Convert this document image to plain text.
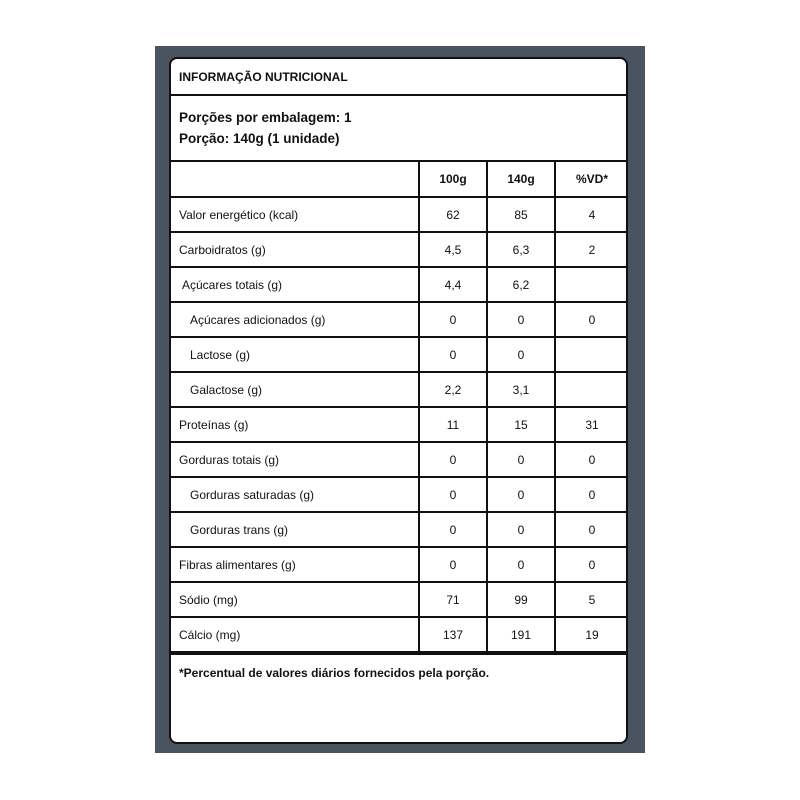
INFORMAÇÃO NUTRICIONAL
Porções por embalagem: 1
Porção: 140g (1 unidade)
	100g	140g	%VD*
Valor energético (kcal)	62	85	4
Carboidratos (g)	4,5	6,3	2
Açúcares totais (g)	4,4	6,2	
Açúcares adicionados (g)	0	0	0
Lactose (g)	0	0	
Galactose (g)	2,2	3,1	
Proteínas (g)	11	15	31
Gorduras totais (g)	0	0	0
Gorduras saturadas (g)	0	0	0
Gorduras trans (g)	0	0	0
Fibras alimentares (g)	0	0	0
Sódio (mg)	71	99	5
Cálcio (mg)	137	191	19
*Percentual de valores diários fornecidos pela porção.
